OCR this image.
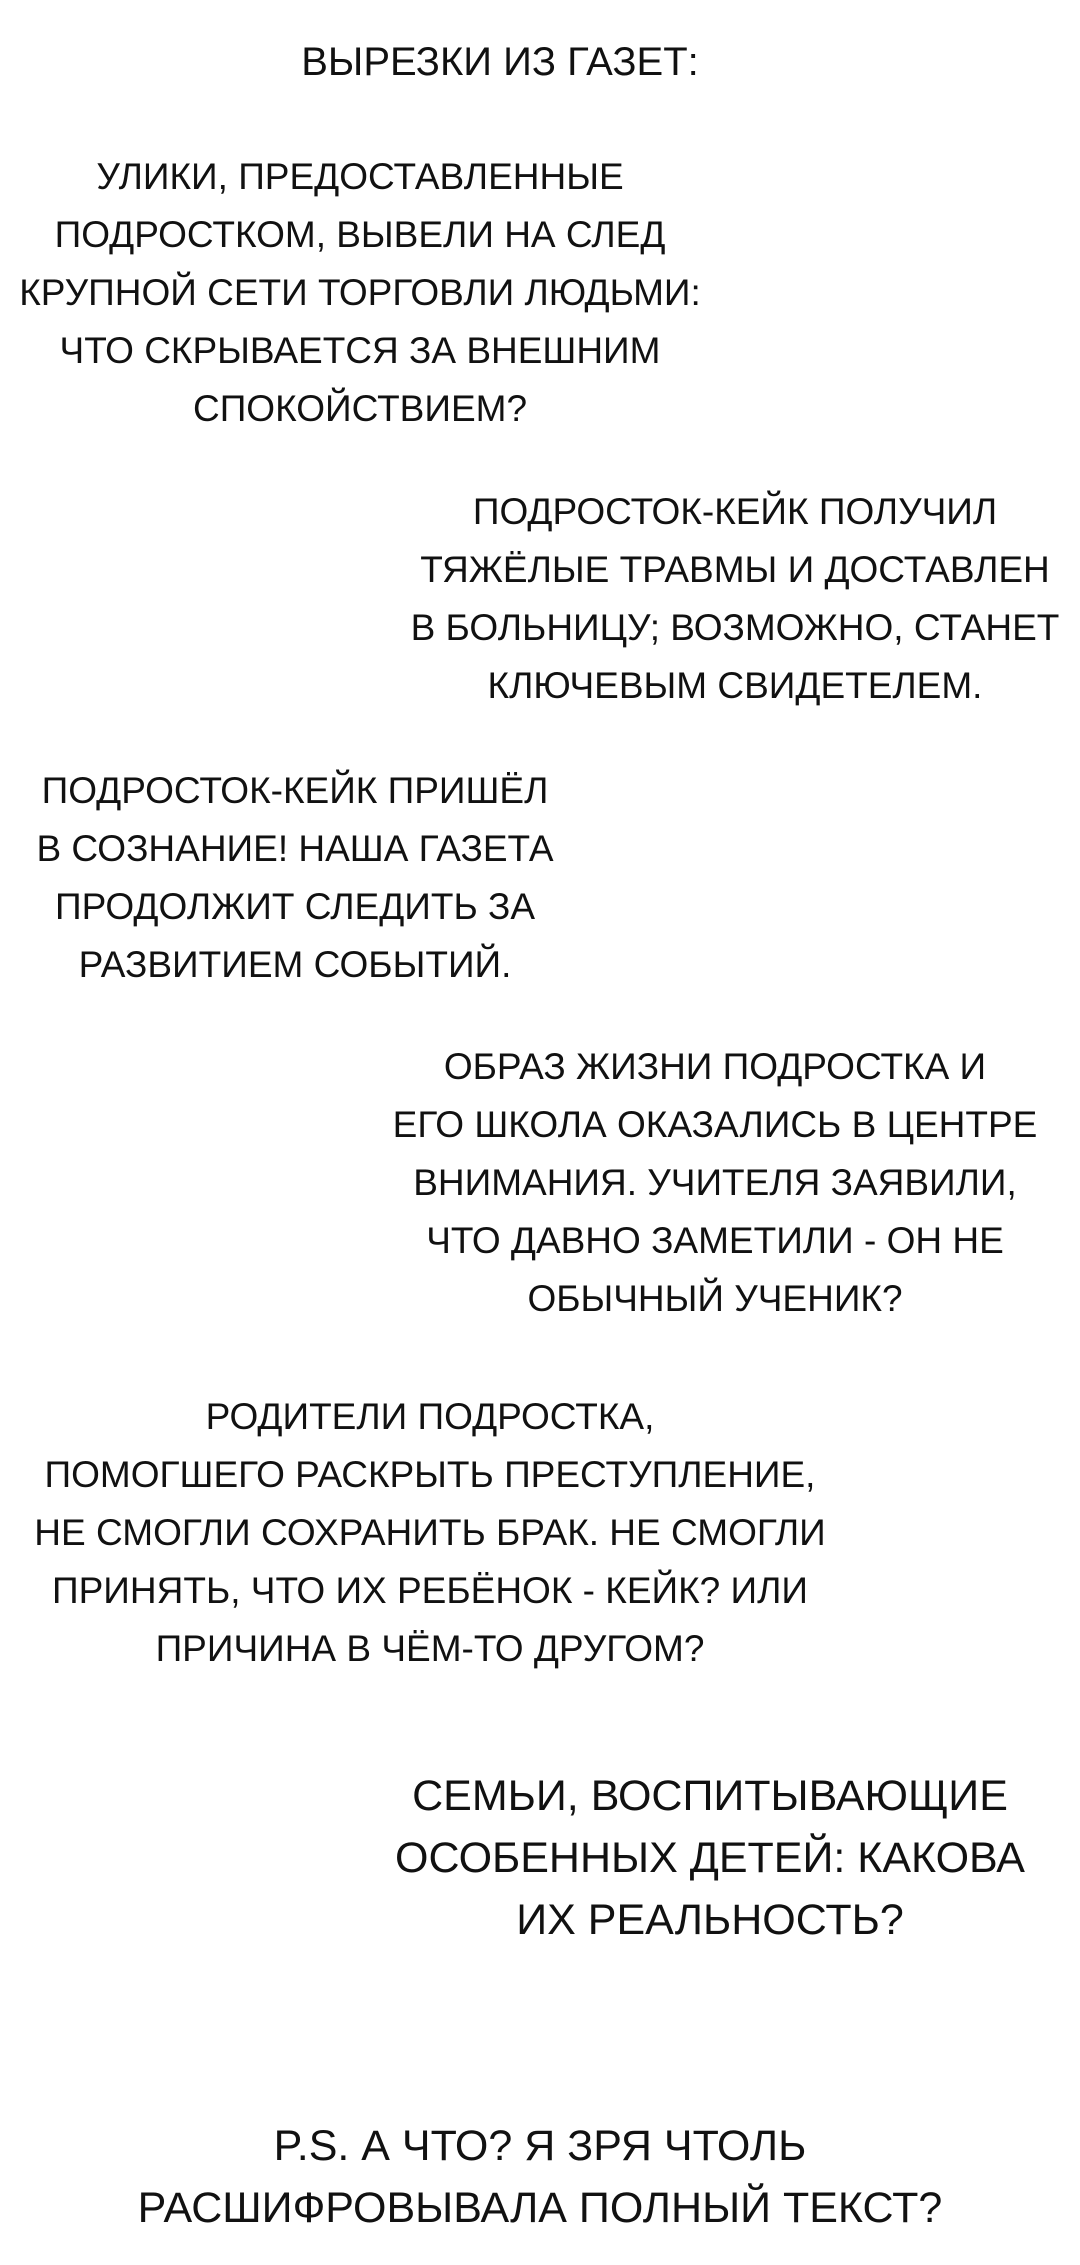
ВЫРЕЗКИ ИЗ ГАЗЕТ:
УЛИКИ, ПРЕДОСТАВЛЕННЫЕ
ПОДРОСТКОМ, ВЫВЕЛИ НА СЛЕД
КРУПНОЙ СЕТИ ТОРГОВЛИ ЛЮДЬМИ:
ЧТО СКРЫВАЕТСЯ ЗА ВНЕШНИМ
СПОКОЙСТВИЕМ?
ПОДРОСТОК-КЕЙК ПОЛУЧИЛ
ТЯЖЁЛЫЕ ТРАВМЫ И ДОСТАВЛЕН
В БОЛЬНИЦУ; ВОЗМОЖНО, СТАНЕТ
КЛЮЧЕВЫМ СВИДЕТЕЛЕМ.
ПОДРОСТОК-КЕЙК ПРИШЁЛ
В СОЗНАНИЕ! НАША ГАЗЕТА
ПРОДОЛЖИТ СЛЕДИТЬ ЗА
РАЗВИТИЕМ СОБЫТИЙ.
ОБРАЗ ЖИЗНИ ПОДРОСТКА И
ЕГО ШКОЛА ОКАЗАЛИСЬ В ЦЕНТРЕ
ВНИМАНИЯ. УЧИТЕЛЯ ЗАЯВИЛИ,
ЧТО ДАВНО ЗАМЕТИЛИ - ОН НЕ
ОБЫЧНЫЙ УЧЕНИК?
РОДИТЕЛИ ПОДРОСТКА,
ПОМОГШЕГО РАСКРЫТЬ ПРЕСТУПЛЕНИЕ,
НЕ СМОГЛИ СОХРАНИТЬ БРАК. НЕ СМОГЛИ
ПРИНЯТЬ, ЧТО ИХ РЕБЁНОК - КЕЙК? ИЛИ
ПРИЧИНА В ЧЁМ-ТО ДРУГОМ?
СЕМЬИ, ВОСПИТЫВАЮЩИЕ
ОСОБЕННЫХ ДЕТЕЙ: КАКОВА
ИХ РЕАЛЬНОСТЬ?
P.S. А ЧТО? Я ЗРЯ ЧТОЛЬ
РАСШИФРОВЫВАЛА ПОЛНЫЙ ТЕКСТ?
